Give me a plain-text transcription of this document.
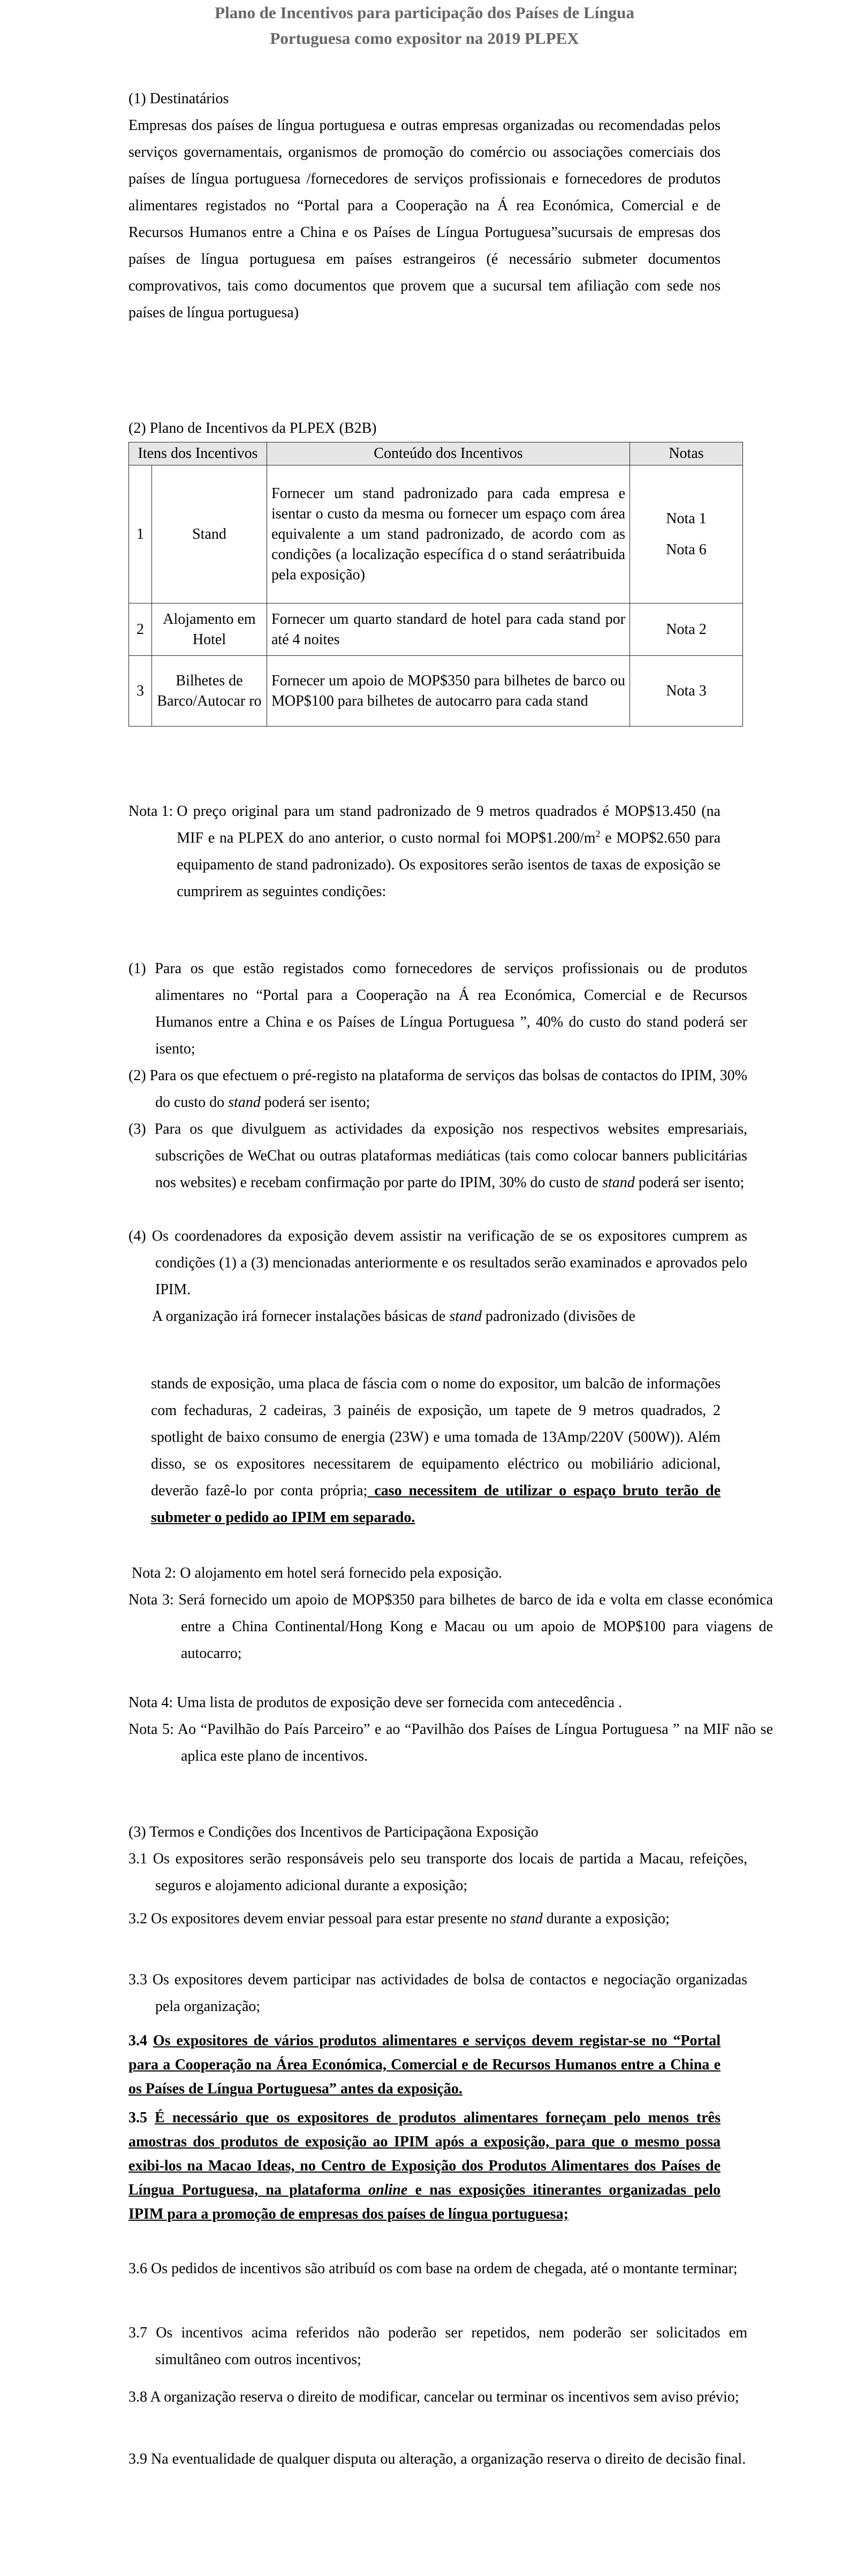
Plano de Incentivos para participação dos Países de Língua
Portuguesa como expositor na 2019 PLPEX
(1) Destinatários
Empresas dos países de língua portuguesa e outras empresas organizadas ou recomendadas pelos serviços governamentais, organismos de promoção do comércio ou associações comerciais dos países de língua portuguesa /fornecedores de serviços profissionais e fornecedores de produtos alimentares registados no “Portal para a Cooperação na Á rea Económica, Comercial e de Recursos Humanos entre a China e os Países de Língua Portuguesa”sucursais de empresas dos países de língua portuguesa em países estrangeiros (é necessário submeter documentos comprovativos, tais como documentos que provem que a sucursal tem afiliação com sede nos países de língua portuguesa)
(2) Plano de Incentivos da PLPEX (B2B)
Itens dos Incentivos		Conteúdo dos Incentivos	Notas
1	Stand	Fornecer um stand padronizado para cada empresa e isentar o custo da mesma ou fornecer um espaço com área equivalente a um stand padronizado, de acordo com as condições (a localização específica d o stand seráatribuida pela exposição)	Nota 1
Nota 6

2	Alojamento em Hotel	Fornecer um quarto standard de hotel para cada stand por até 4 noites	Nota 2

3	Bilhetes de Barco/Autocar ro	Fornecer um apoio de MOP$350 para bilhetes de barco ou MOP$100 para bilhetes de autocarro para cada stand	Nota 3
Nota 1: O preço original para um stand padronizado de 9 metros quadrados é MOP$13.450 (na MIF e na PLPEX do ano anterior, o custo normal foi $MOP\$1.200/m^2$ e MOP$2.650 para equipamento de stand padronizado). Os expositores serão isentos de taxas de exposição se cumprirem as seguintes condições:
(1) Para os que estão registados como fornecedores de serviços profissionais ou de produtos alimentares no “Portal para a Cooperação na Á rea Económica, Comercial e de Recursos Humanos entre a China e os Países de Língua Portuguesa ”, 40% do custo do stand poderá ser isento;
(2) Para os que efectuem o pré-registo na plataforma de serviços das bolsas de contactos do IPIM, 30% do custo do stand poderá ser isento;
(3) Para os que divulguem as actividades da exposição nos respectivos websites empresariais, subscrições de WeChat ou outras plataformas mediáticas (tais como colocar banners publicitárias nos websites) e recebam confirmação por parte do IPIM, 30% do custo de stand poderá ser isento;
(4) Os coordenadores da exposição devem assistir na verificação de se os expositores cumprem as condições (1) a (3) mencionadas anteriormente e os resultados serão examinados e aprovados pelo IPIM.
A organização irá fornecer instalações básicas de stand padronizado (divisões de
stands de exposição, uma placa de fáscia com o nome do expositor, um balcão de informações com fechaduras, 2 cadeiras, 3 painéis de exposição, um tapete de 9 metros quadrados, 2 spotlight de baixo consumo de energia (23W) e uma tomada de 13Amp/220V (500W)). Além disso, se os expositores necessitarem de equipamento eléctrico ou mobiliário adicional, deverão fazê-lo por conta própria; caso necessitem de utilizar o espaço bruto terão de submeter o pedido ao IPIM em separado.
Nota 2: O alojamento em hotel será fornecido pela exposição.
Nota 3: Será fornecido um apoio de MOP$350 para bilhetes de barco de ida e volta em classe económica entre a China Continental/Hong Kong e Macau ou um apoio de MOP$100 para viagens de autocarro;
Nota 4: Uma lista de produtos de exposição deve ser fornecida com antecedência .
Nota 5: Ao “Pavilhão do País Parceiro” e ao “Pavilhão dos Países de Língua Portuguesa ” na MIF não se aplica este plano de incentivos.
(3) Termos e Condições dos Incentivos de Participaçãona Exposição
3.1 Os expositores serão responsáveis pelo seu transporte dos locais de partida a Macau, refeições, seguros e alojamento adicional durante a exposição;
3.2 Os expositores devem enviar pessoal para estar presente no stand durante a exposição;
3.3 Os expositores devem participar nas actividades de bolsa de contactos e negociação organizadas pela organização;
3.4 Os expositores de vários produtos alimentares e serviços devem registar-se no “Portal para a Cooperação na Área Económica, Comercial e de Recursos Humanos entre a China e os Países de Língua Portuguesa” antes da exposição.
3.5 É necessário que os expositores de produtos alimentares forneçam pelo menos três amostras dos produtos de exposição ao IPIM após a exposição, para que o mesmo possa exibi-los na Macao Ideas, no Centro de Exposição dos Produtos Alimentares dos Países de Língua Portuguesa, na plataforma online e nas exposições itinerantes organizadas pelo IPIM para a promoção de empresas dos países de língua portuguesa;
3.6 Os pedidos de incentivos são atribuíd os com base na ordem de chegada, até o montante terminar;
3.7 Os incentivos acima referidos não poderão ser repetidos, nem poderão ser solicitados em simultâneo com outros incentivos;
3.8 A organização reserva o direito de modificar, cancelar ou terminar os incentivos sem aviso prévio;
3.9 Na eventualidade de qualquer disputa ou alteração, a organização reserva o direito de decisão final.
